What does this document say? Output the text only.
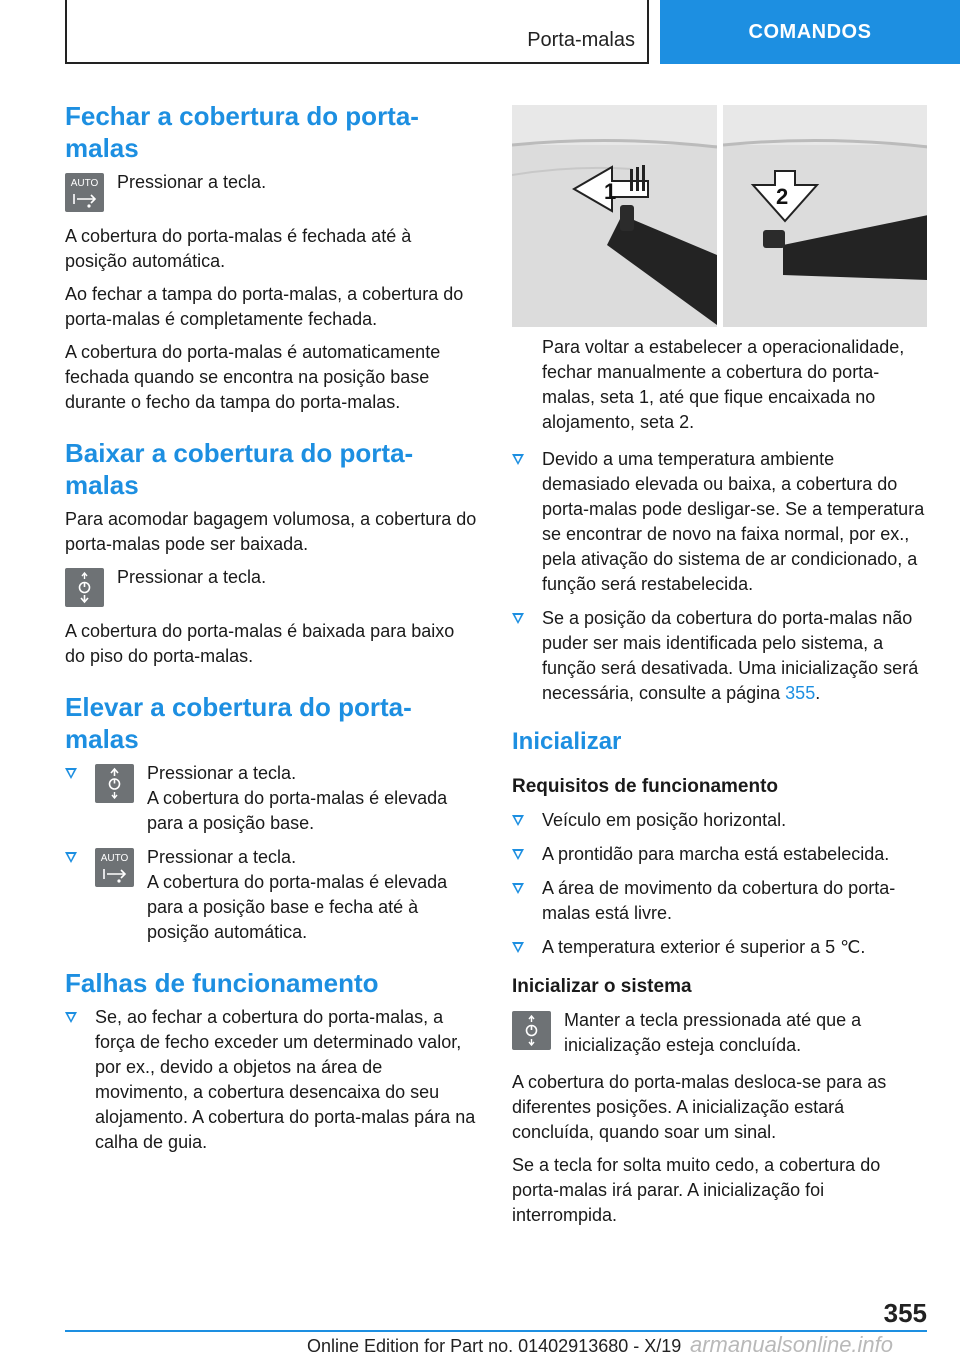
Porta-malas	COMANDOS
Fechar a cobertura do porta-malas
AUTO Pressionar a tecla.

A cobertura do porta-malas é fechada até à posição automática.

Ao fechar a tampa do porta-malas, a cobertura do porta-malas é completamente fechada.

A cobertura do porta-malas é automaticamente fechada quando se encontra na posição base durante o fecho da tampa do porta-malas.

Baixar a cobertura do porta-malas

Para acomodar bagagem volumosa, a cobertura do porta-malas pode ser baixada.

Pressionar a tecla.

A cobertura do porta-malas é baixada para baixo do piso do porta-malas.

Elevar a cobertura do porta-malas
Pressionar a tecla.
A cobertura do porta-malas é elevada para a posição base.
AUTO Pressionar a tecla.
A cobertura do porta-malas é elevada para a posição base e fecha até à posição automática.
Falhas de funcionamento
Se, ao fechar a cobertura do porta-malas, a força de fecho exceder um determinado valor, por ex., devido a objetos na área de movimento, a cobertura desencaixa do seu alojamento. A cobertura do porta-malas pára na calha de guia.
1	2

Para voltar a estabelecer a operacionalidade, fechar manualmente a cobertura do porta-malas, seta 1, até que fique encaixada no alojamento, seta 2.

Devido a uma temperatura ambiente demasiado elevada ou baixa, a cobertura do porta-malas pode desligar-se. Se a temperatura se encontrar de novo na faixa normal, por ex., pela ativação do sistema de ar condicionado, a função será restabelecida.
Se a posição da cobertura do porta-malas não puder ser mais identificada pelo sistema, a função será desativada. Uma inicialização será necessária, consulte a página 355.
Inicializar
Requisitos de funcionamento
Veículo em posição horizontal.
A prontidão para marcha está estabelecida.
A área de movimento da cobertura do porta-malas está livre.
A temperatura exterior é superior a 5 ℃.
Inicializar o sistema
Manter a tecla pressionada até que a inicialização esteja concluída.

A cobertura do porta-malas desloca-se para as diferentes posições. A inicialização estará concluída, quando soar um sinal.

Se a tecla for solta muito cedo, a cobertura do porta-malas irá parar. A inicialização foi interrompida.

355
Online Edition for Part no. 01402913680 - X/19 armanualsonline.info
